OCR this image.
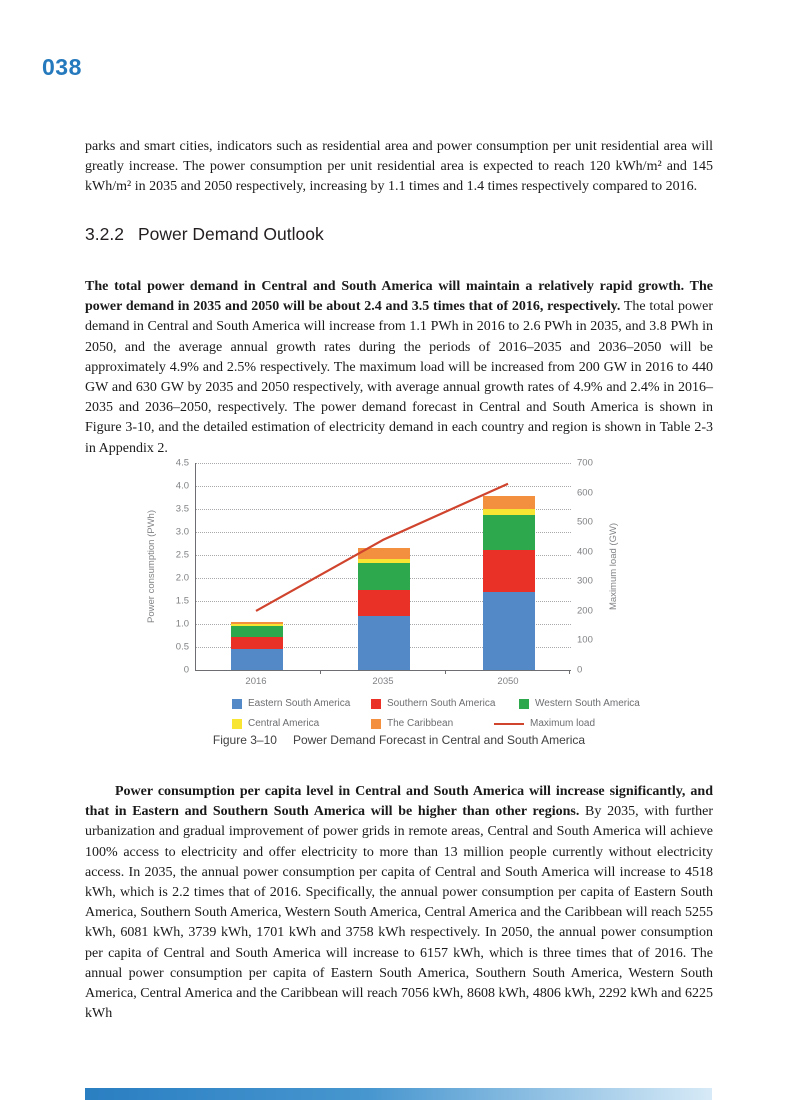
038

parks and smart cities, indicators such as residential area and power consumption per unit residential area will greatly increase. The power consumption per unit residential area is expected to reach 120 kWh/m² and 145 kWh/m² in 2035 and 2050 respectively, increasing by 1.1 times and 1.4 times respectively compared to 2016.

3.2.2 Power Demand Outlook

The total power demand in Central and South America will maintain a relatively rapid growth. The power demand in 2035 and 2050 will be about 2.4 and 3.5 times that of 2016, respectively. The total power demand in Central and South America will increase from 1.1 PWh in 2016 to 2.6 PWh in 2035, and 3.8 PWh in 2050, and the average annual growth rates during the periods of 2016–2035 and 2036–2050 will be approximately 4.9% and 2.5% respectively. The maximum load will be increased from 200 GW in 2016 to 440 GW and 630 GW by 2035 and 2050 respectively, with average annual growth rates of 4.9% and 2.4% in 2016–2035 and 2036–2050, respectively. The power demand forecast in Central and South America is shown in Figure 3-10, and the detailed estimation of electricity demand in each country and region is shown in Table 2-3 in Appendix 2.

Power consumption (PWh)	Maximum load (GW)
Eastern South America	Southern South America	Western South America
Central America	The Caribbean	Maximum load
Figure 3–10 Power Demand Forecast in Central and South America
0
0.5
1.0
1.5
2.0
2.5
3.0
3.5
4.0
4.5
0
100
200
300
400
500
600
700
2016	2035	2050

Power consumption per capita level in Central and South America will increase significantly, and that in Eastern and Southern South America will be higher than other regions. By 2035, with further urbanization and gradual improvement of power grids in remote areas, Central and South America will achieve 100% access to electricity and offer electricity to more than 13 million people currently without electricity access. In 2035, the annual power consumption per capita of Central and South America will increase to 4518 kWh, which is 2.2 times that of 2016. Specifically, the annual power consumption per capita of Eastern South America, Southern South America, Western South America, Central America and the Caribbean will reach 5255 kWh, 6081 kWh, 3739 kWh, 1701 kWh and 3758 kWh respectively. In 2050, the annual power consumption per capita of Central and South America will increase to 6157 kWh, which is three times that of 2016. The annual power consumption per capita of Eastern South America, Southern South America, Western South America, Central America and the Caribbean will reach 7056 kWh, 8608 kWh, 4806 kWh, 2292 kWh and 6225 kWh
